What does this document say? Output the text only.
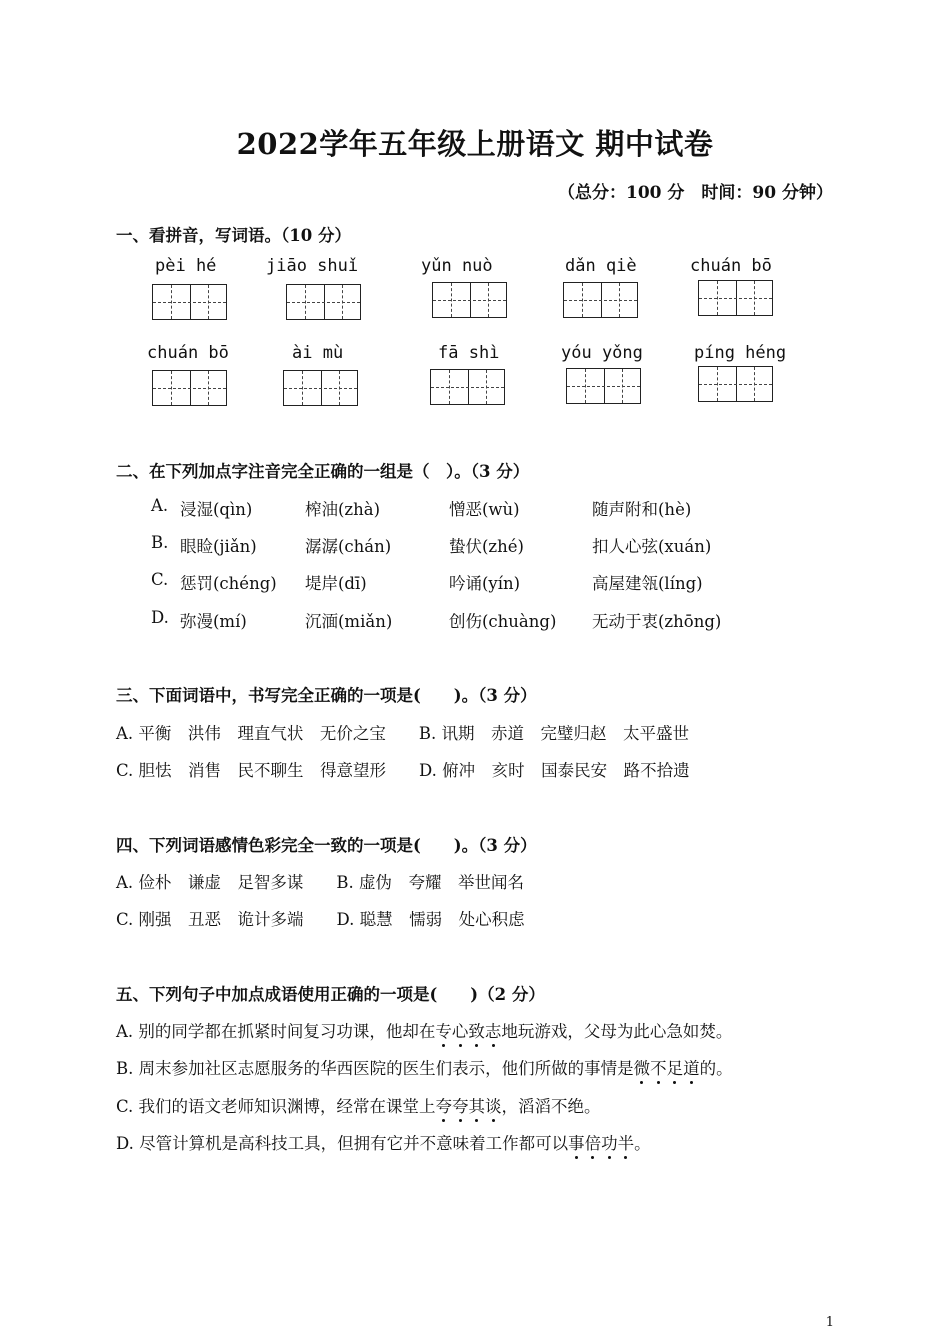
2022学年五年级上册语文 期中试卷
（总分：100 分　时间：90 分钟）
一、看拼音，写词语。（10 分）
pèi hé	jiāo shuǐ	yǔn nuò	dǎn qiè	chuán bō
chuán bō	ài mù	fā shì	yóu yǒng	píng héng
二、在下列加点字注音完全正确的一组是（　）。（3 分）
A. 浸湿(qìn)	榨油(zhà)	憎恶(wù)	随声附和(hè)
B. 眼睑(jiǎn)	潺潺(chán)	蛰伏(zhé)	扣人心弦(xuán)
C. 惩罚(chéng) 堤岸(dī)	吟诵(yín)	高屋建瓴(líng)
D. 弥漫(mí)	沉湎(miǎn)	创伤(chuàng) 无动于衷(zhōng)
三、下面词语中，书写完全正确的一项是(　　)。（3 分）
A. 平衡　洪伟　理直气状　无价之宝　　B. 讯期　赤道　完璧归赵　太平盛世
C. 胆怯　消售　民不聊生　得意望形　　D. 俯冲　亥时　国泰民安　路不拾遗
四、下列词语感情色彩完全一致的一项是(　　)。（3 分）
A. 俭朴　谦虚　足智多谋　　B. 虚伪　夸耀　举世闻名
C. 刚强　丑恶　诡计多端　　D. 聪慧　懦弱　处心积虑
五、下列句子中加点成语使用正确的一项是(　　)（2 分）
A. 别的同学都在抓紧时间复习功课，他却在专心致志地玩游戏，父母为此心急如焚。
B. 周末参加社区志愿服务的华西医院的医生们表示，他们所做的事情是微不足道的。
C. 我们的语文老师知识渊博，经常在课堂上夸夸其谈，滔滔不绝。
D. 尽管计算机是高科技工具，但拥有它并不意味着工作都可以事倍功半。
1
